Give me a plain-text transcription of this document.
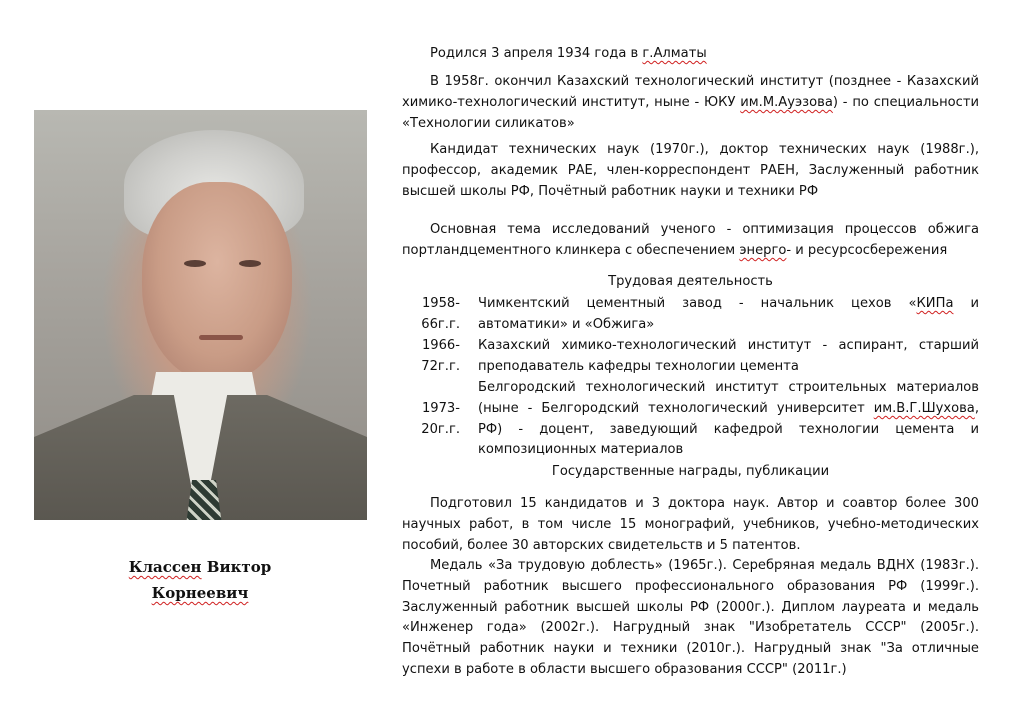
Классен Виктор
Корнеевич

Родился 3 апреля 1934 года в г.Алматы

В 1958г. окончил Казахский технологический институт (позднее - Казахский химико-технологический институт, ныне - ЮКУ им.М.Ауэзова) - по специальности «Технологии силикатов»

Кандидат технических наук (1970г.), доктор технических наук (1988г.), профессор, академик РАЕ, член-корреспондент РАЕН, Заслуженный работник высшей школы РФ, Почётный работник науки и техники РФ

Основная тема исследований ученого - оптимизация процессов обжига портландцементного клинкера с обеспечением энерго- и ресурсосбережения

Трудовая деятельность
1958-
66г.г.
Чимкентский цементный завод - начальник цехов «КИПа и автоматики» и «Обжига»
1966-
72г.г.
Казахский химико-технологический институт - аспирант, старший преподаватель кафедры технологии цемента
1973-
20г.г.
Белгородский технологический институт строительных материалов (ныне - Белгородский технологический университет им.В.Г.Шухова, РФ) - доцент, заведующий кафедрой технологии цемента и композиционных материалов
Государственные награды, публикации

Подготовил 15 кандидатов и 3 доктора наук. Автор и соавтор более 300 научных работ, в том числе 15 монографий, учебников, учебно-методических пособий, более 30 авторских свидетельств и 5 патентов.

Медаль «За трудовую доблесть» (1965г.). Серебряная медаль ВДНХ (1983г.). Почетный работник высшего профессионального образования РФ (1999г.). Заслуженный работник высшей школы РФ (2000г.). Диплом лауреата и медаль «Инженер года» (2002г.). Нагрудный знак "Изобретатель СССР" (2005г.). Почётный работник науки и техники (2010г.). Нагрудный знак "За отличные успехи в работе в области высшего образования СССР" (2011г.)
